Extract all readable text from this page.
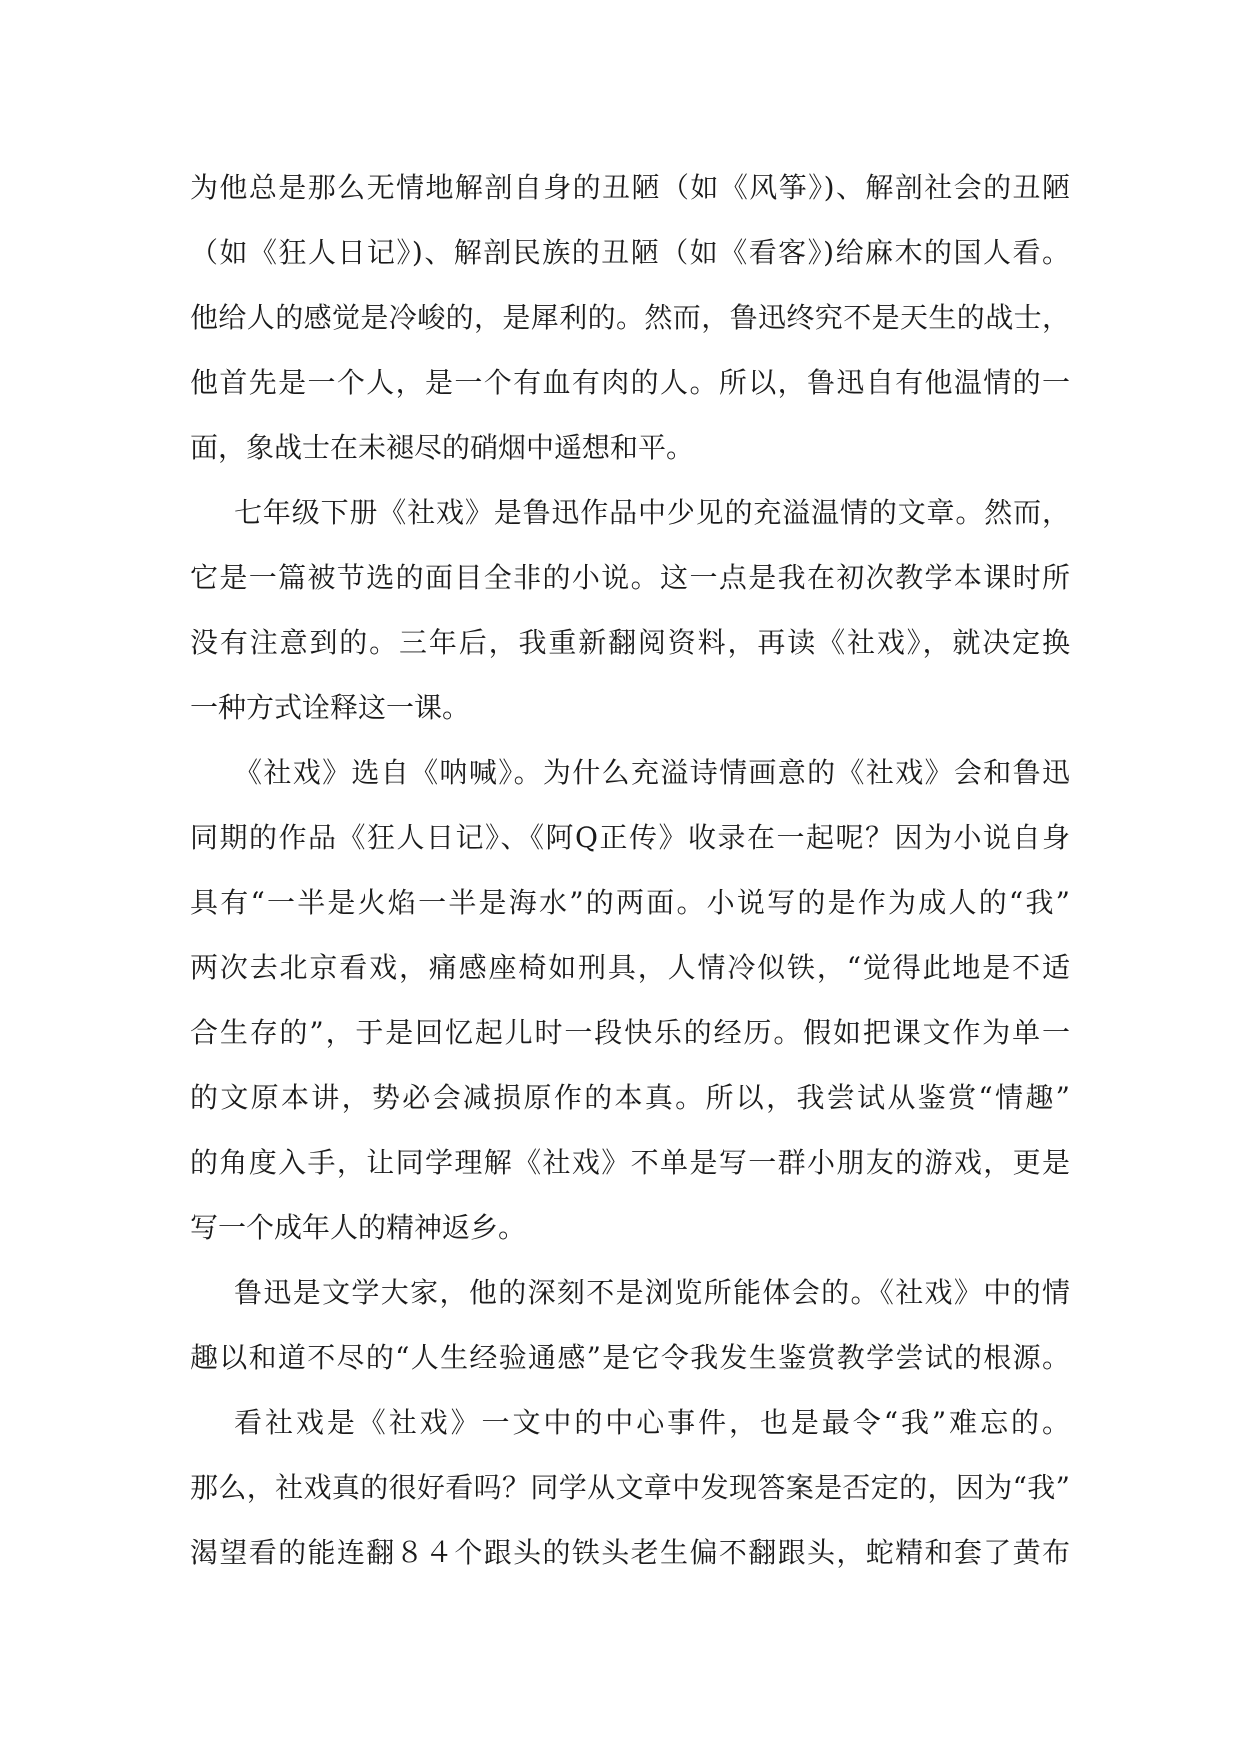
为他总是那么无情地解剖自身的丑陋（如《风筝》)、解剖社会的丑陋
（如《狂人日记》)、解剖民族的丑陋（如《看客》)给麻木的国人看。
他给人的感觉是冷峻的，是犀利的。然而，鲁迅终究不是天生的战士，
他首先是一个人，是一个有血有肉的人。所以，鲁迅自有他温情的一
面，象战士在未褪尽的硝烟中遥想和平。
七年级下册《社戏》是鲁迅作品中少见的充溢温情的文章。然而，
它是一篇被节选的面目全非的小说。这一点是我在初次教学本课时所
没有注意到的。三年后，我重新翻阅资料，再读《社戏》，就决定换
一种方式诠释这一课。
《社戏》选自《呐喊》。为什么充溢诗情画意的《社戏》会和鲁迅
同期的作品《狂人日记》、《阿Q正传》收录在一起呢？因为小说自身
具有“一半是火焰一半是海水”的两面。小说写的是作为成人的“我”
两次去北京看戏，痛感座椅如刑具，人情冷似铁，“觉得此地是不适
合生存的”，于是回忆起儿时一段快乐的经历。假如把课文作为单一
的文原本讲，势必会减损原作的本真。所以，我尝试从鉴赏“情趣”
的角度入手，让同学理解《社戏》不单是写一群小朋友的游戏，更是
写一个成年人的精神返乡。
鲁迅是文学大家，他的深刻不是浏览所能体会的。《社戏》中的情
趣以和道不尽的“人生经验通感”是它令我发生鉴赏教学尝试的根源。
看社戏是《社戏》一文中的中心事件，也是最令“我”难忘的。
那么，社戏真的很好看吗？同学从文章中发现答案是否定的，因为“我”
渴望看的能连翻８４个跟头的铁头老生偏不翻跟头，蛇精和套了黄布
